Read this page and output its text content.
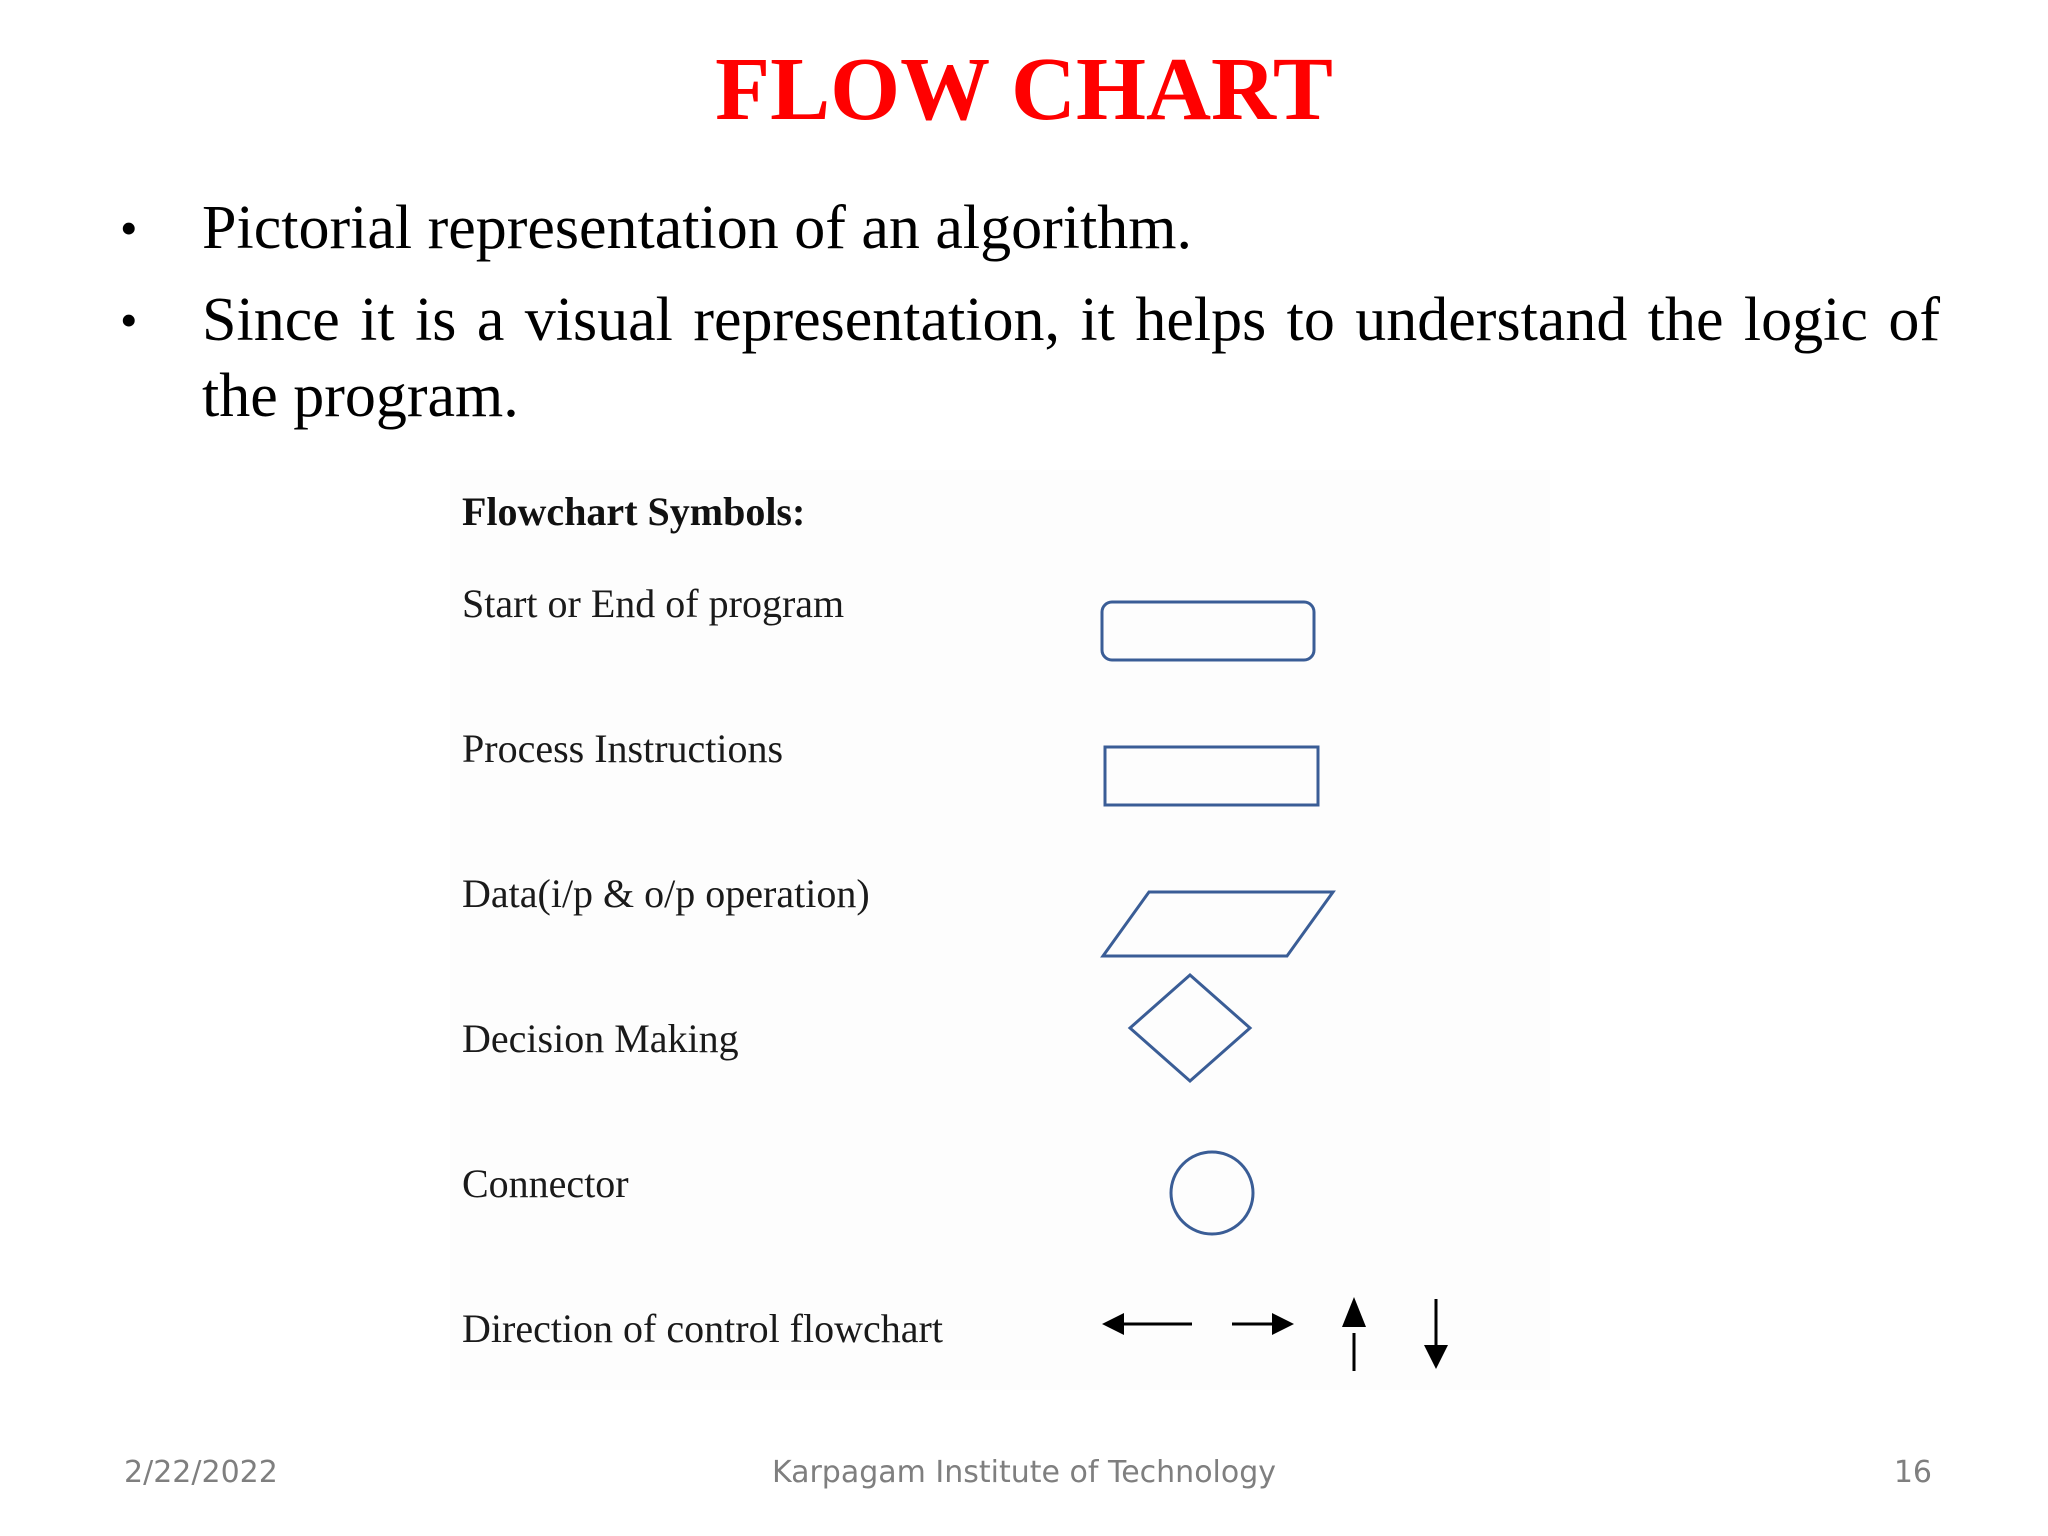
FLOW CHART
•	Pictorial representation of an algorithm.
•	Since it is a visual representation, it helps to understand the logic of the program.
Flowchart Symbols:
Start or End of program
Process Instructions
Data(i/p & o/p operation)
Decision Making
Connector
Direction of control flowchart
2/22/2022	Karpagam Institute of Technology	16
